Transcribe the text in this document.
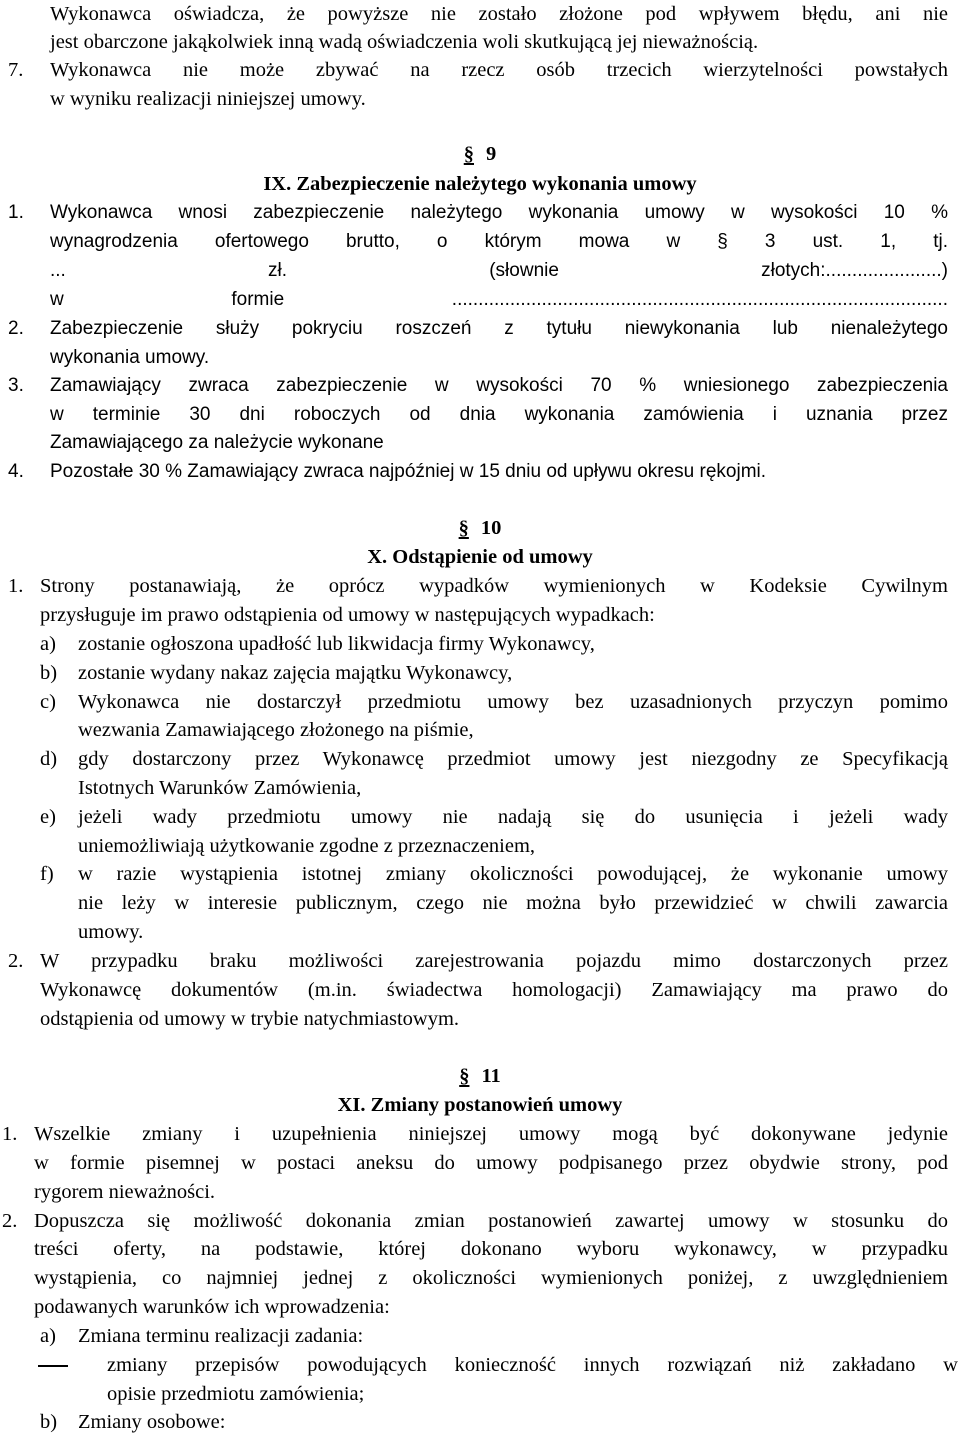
Wykonawca oświadcza, że powyższe nie zostało złożone pod wpływem błędu, ani nie
jest obarczone jakąkolwiek inną wadą oświadczenia woli skutkującą jej nieważnością.
7. Wykonawca nie może zbywać na rzecz osób trzecich wierzytelności powstałych
w wyniku realizacji niniejszej umowy.
§ 9
IX. Zabezpieczenie należytego wykonania umowy
1. Wykonawca wnosi zabezpieczenie należytego wykonania umowy w wysokości 10 %
wynagrodzenia ofertowego brutto, o którym mowa w § 3 ust. 1, tj.
... zł. (słownie złotych:......................)
w formie ..............................................................................................
2. Zabezpieczenie służy pokryciu roszczeń z tytułu niewykonania lub nienależytego
wykonania umowy.
3. Zamawiający zwraca zabezpieczenie w wysokości 70 % wniesionego zabezpieczenia
w terminie 30 dni roboczych od dnia wykonania zamówienia i uznania przez
Zamawiającego za należycie wykonane
4. Pozostałe 30 % Zamawiający zwraca najpóźniej w 15 dniu od upływu okresu rękojmi.
§ 10
X. Odstąpienie od umowy
1. Strony postanawiają, że oprócz wypadków wymienionych w Kodeksie Cywilnym
przysługuje im prawo odstąpienia od umowy w następujących wypadkach:
a) zostanie ogłoszona upadłość lub likwidacja firmy Wykonawcy,
b) zostanie wydany nakaz zajęcia majątku Wykonawcy,
c) Wykonawca nie dostarczył przedmiotu umowy bez uzasadnionych przyczyn pomimo
wezwania Zamawiającego złożonego na piśmie,
d) gdy dostarczony przez Wykonawcę przedmiot umowy jest niezgodny ze Specyfikacją
Istotnych Warunków Zamówienia,
e) jeżeli wady przedmiotu umowy nie nadają się do usunięcia i jeżeli wady
uniemożliwiają użytkowanie zgodne z przeznaczeniem,
f) w razie wystąpienia istotnej zmiany okoliczności powodującej, że wykonanie umowy
nie leży w interesie publicznym, czego nie można było przewidzieć w chwili zawarcia
umowy.
2. W przypadku braku możliwości zarejestrowania pojazdu mimo dostarczonych przez
Wykonawcę dokumentów (m.in. świadectwa homologacji) Zamawiający ma prawo do
odstąpienia od umowy w trybie natychmiastowym.
§ 11
XI. Zmiany postanowień umowy
1. Wszelkie zmiany i uzupełnienia niniejszej umowy mogą być dokonywane jedynie
w formie pisemnej w postaci aneksu do umowy podpisanego przez obydwie strony, pod
rygorem nieważności.
2. Dopuszcza się możliwość dokonania zmian postanowień zawartej umowy w stosunku do
treści oferty, na podstawie, której dokonano wyboru wykonawcy, w przypadku
wystąpienia, co najmniej jednej z okoliczności wymienionych poniżej, z uwzględnieniem
podawanych warunków ich wprowadzenia:
a) Zmiana terminu realizacji zadania:
zmiany przepisów powodujących konieczność innych rozwiązań niż zakładano w
opisie przedmiotu zamówienia;
b) Zmiany osobowe:
